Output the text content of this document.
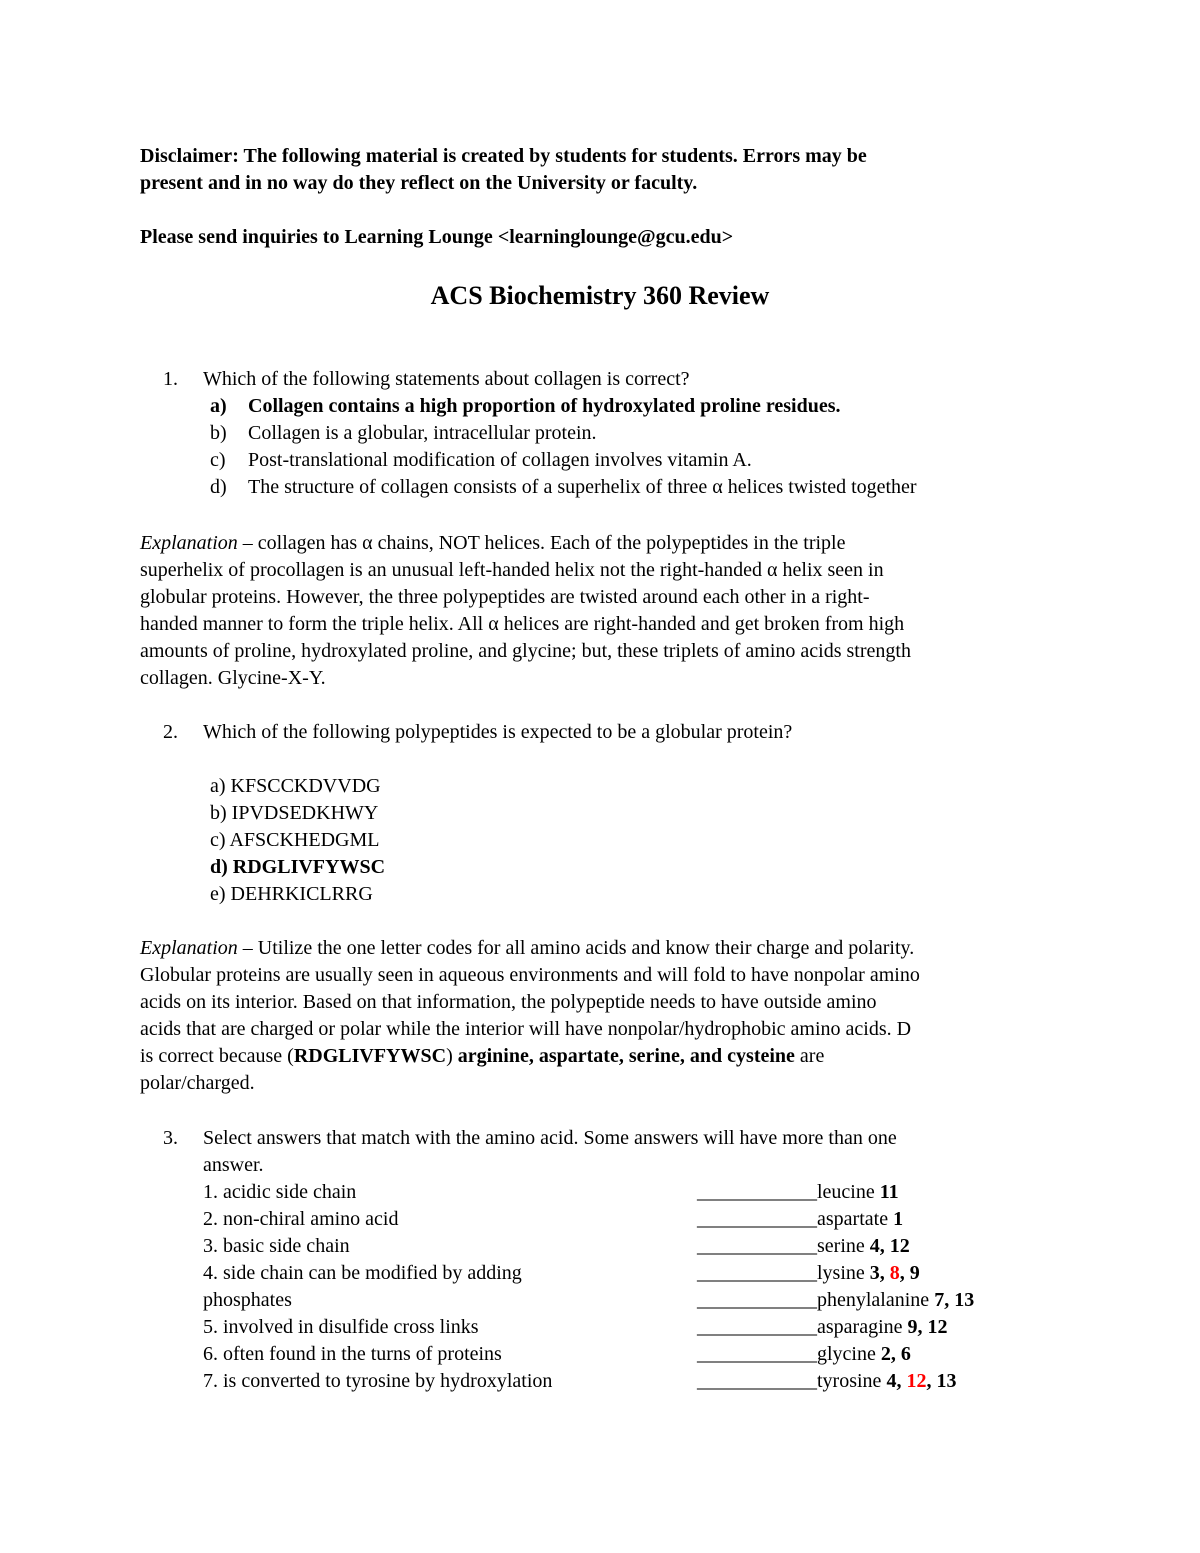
Disclaimer: The following material is created by students for students. Errors may be
present and in no way do they reflect on the University or faculty.
Please send inquiries to Learning Lounge <learninglounge@gcu.edu>
ACS Biochemistry 360 Review
1. Which of the following statements about collagen is correct?
a) Collagen contains a high proportion of hydroxylated proline residues.
b) Collagen is a globular, intracellular protein.
c) Post-translational modification of collagen involves vitamin A.
d) The structure of collagen consists of a superhelix of three α helices twisted together
Explanation – collagen has α chains, NOT helices. Each of the polypeptides in the triple
superhelix of procollagen is an unusual left-handed helix not the right-handed α helix seen in
globular proteins. However, the three polypeptides are twisted around each other in a right-
handed manner to form the triple helix. All α helices are right-handed and get broken from high
amounts of proline, hydroxylated proline, and glycine; but, these triplets of amino acids strength
collagen. Glycine-X-Y.
2. Which of the following polypeptides is expected to be a globular protein?
a) KFSCCKDVVDG
b) IPVDSEDKHWY
c) AFSCKHEDGML
d) RDGLIVFYWSC
e) DEHRKICLRRG
Explanation – Utilize the one letter codes for all amino acids and know their charge and polarity.
Globular proteins are usually seen in aqueous environments and will fold to have nonpolar amino
acids on its interior. Based on that information, the polypeptide needs to have outside amino
acids that are charged or polar while the interior will have nonpolar/hydrophobic amino acids. D
is correct because (RDGLIVFYWSC) arginine, aspartate, serine, and cysteine are
polar/charged.
3. Select answers that match with the amino acid. Some answers will have more than one
answer.
1. acidic side chain
2. non-chiral amino acid
3. basic side chain
4. side chain can be modified by adding
phosphates
5. involved in disulfide cross links
6. often found in the turns of proteins
7. is converted to tyrosine by hydroxylation
____________leucine 11
____________aspartate 1
____________serine 4, 12
____________lysine 3, 8, 9
____________phenylalanine 7, 13
____________asparagine 9, 12
____________glycine 2, 6
____________tyrosine 4, 12, 13
